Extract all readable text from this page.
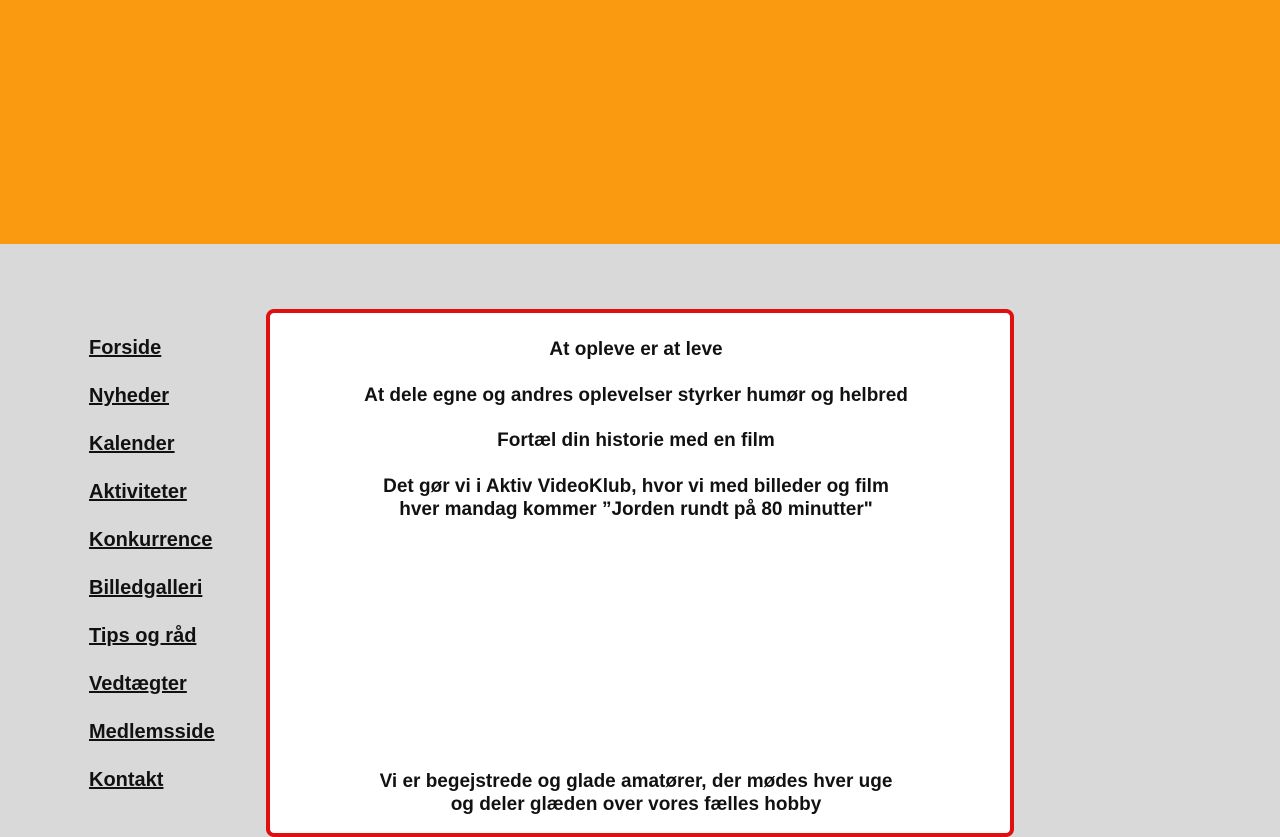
Forside
Nyheder
Kalender
Aktiviteter
Konkurrence
Billedgalleri
Tips og råd
Vedtægter
Medlemsside
Kontakt
At opleve er at leve
At dele egne og andres oplevelser styrker humør og helbred
Fortæl din historie med en film
Det gør vi i Aktiv VideoKlub, hvor vi med billeder og film
hver mandag kommer ”Jorden rundt på 80 minutter"
Vi er begejstrede og glade amatører, der mødes hver uge
og deler glæden over vores fælles hobby
